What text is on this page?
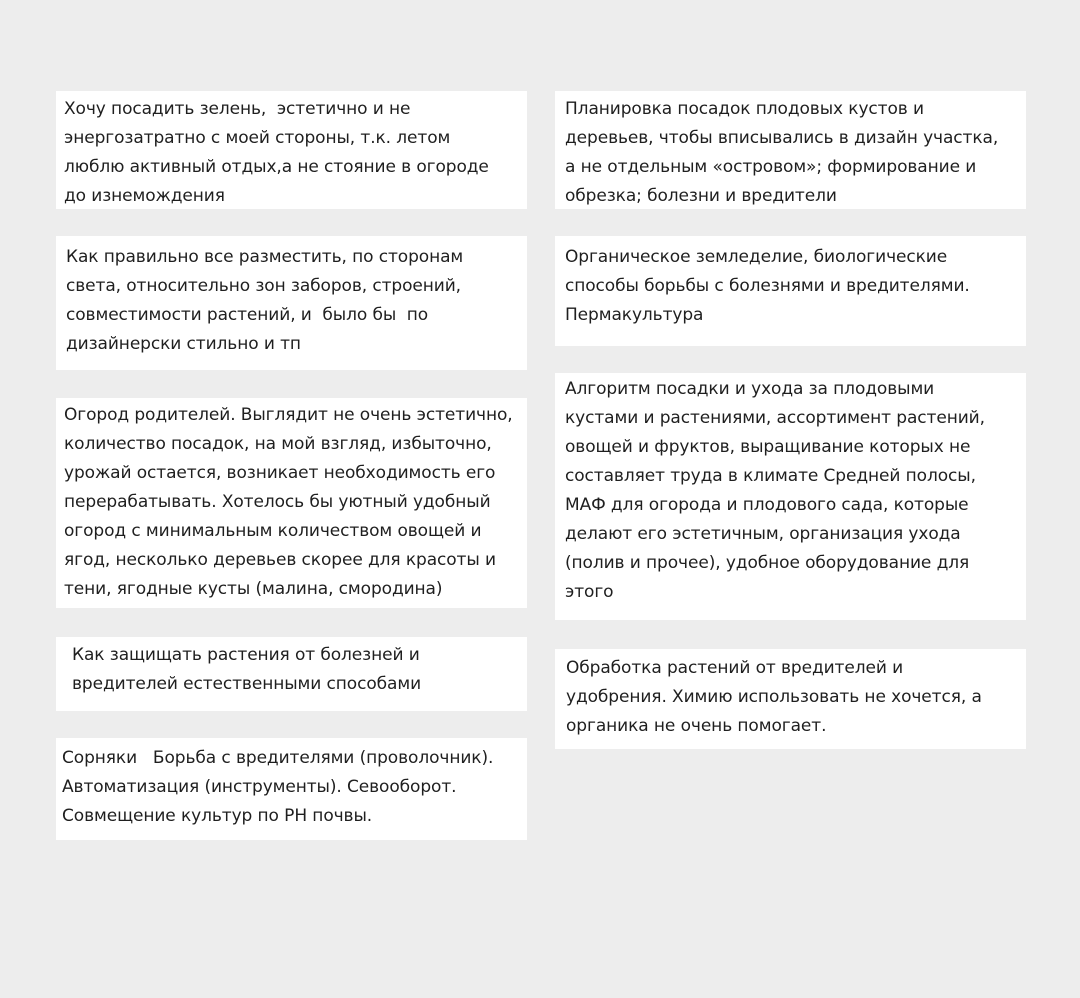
Хочу посадить зелень,  эстетично и не

энергозатратно с моей стороны, т.к. летом

люблю активный отдых,а не стояние в огороде

до изнемождения

Как правильно все разместить, по сторонам

света, относительно зон заборов, строений,

совместимости растений, и  было бы  по

дизайнерски стильно и тп

Огород родителей. Выглядит не очень эстетично,

количество посадок, на мой взгляд, избыточно,

урожай остается, возникает необходимость его

перерабатывать. Хотелось бы уютный удобный

огород с минимальным количеством овощей и

ягод, несколько деревьев скорее для красоты и

тени, ягодные кусты (малина, смородина)

Как защищать растения от болезней и

вредителей естественными способами

Сорняки   Борьба с вредителями (проволочник).

Автоматизация (инструменты). Севооборот.

Совмещение культур по PH почвы.

Планировка посадок плодовых кустов и

деревьев, чтобы вписывались в дизайн участка,

а не отдельным «островом»; формирование и

обрезка; болезни и вредители

Органическое земледелие, биологические

способы борьбы с болезнями и вредителями.

Пермакультура

Алгоритм посадки и ухода за плодовыми

кустами и растениями, ассортимент растений,

овощей и фруктов, выращивание которых не

составляет труда в климате Средней полосы,

МАФ для огорода и плодового сада, которые

делают его эстетичным, организация ухода

(полив и прочее), удобное оборудование для

этого

Обработка растений от вредителей и

удобрения. Химию использовать не хочется, а

органика не очень помогает.
